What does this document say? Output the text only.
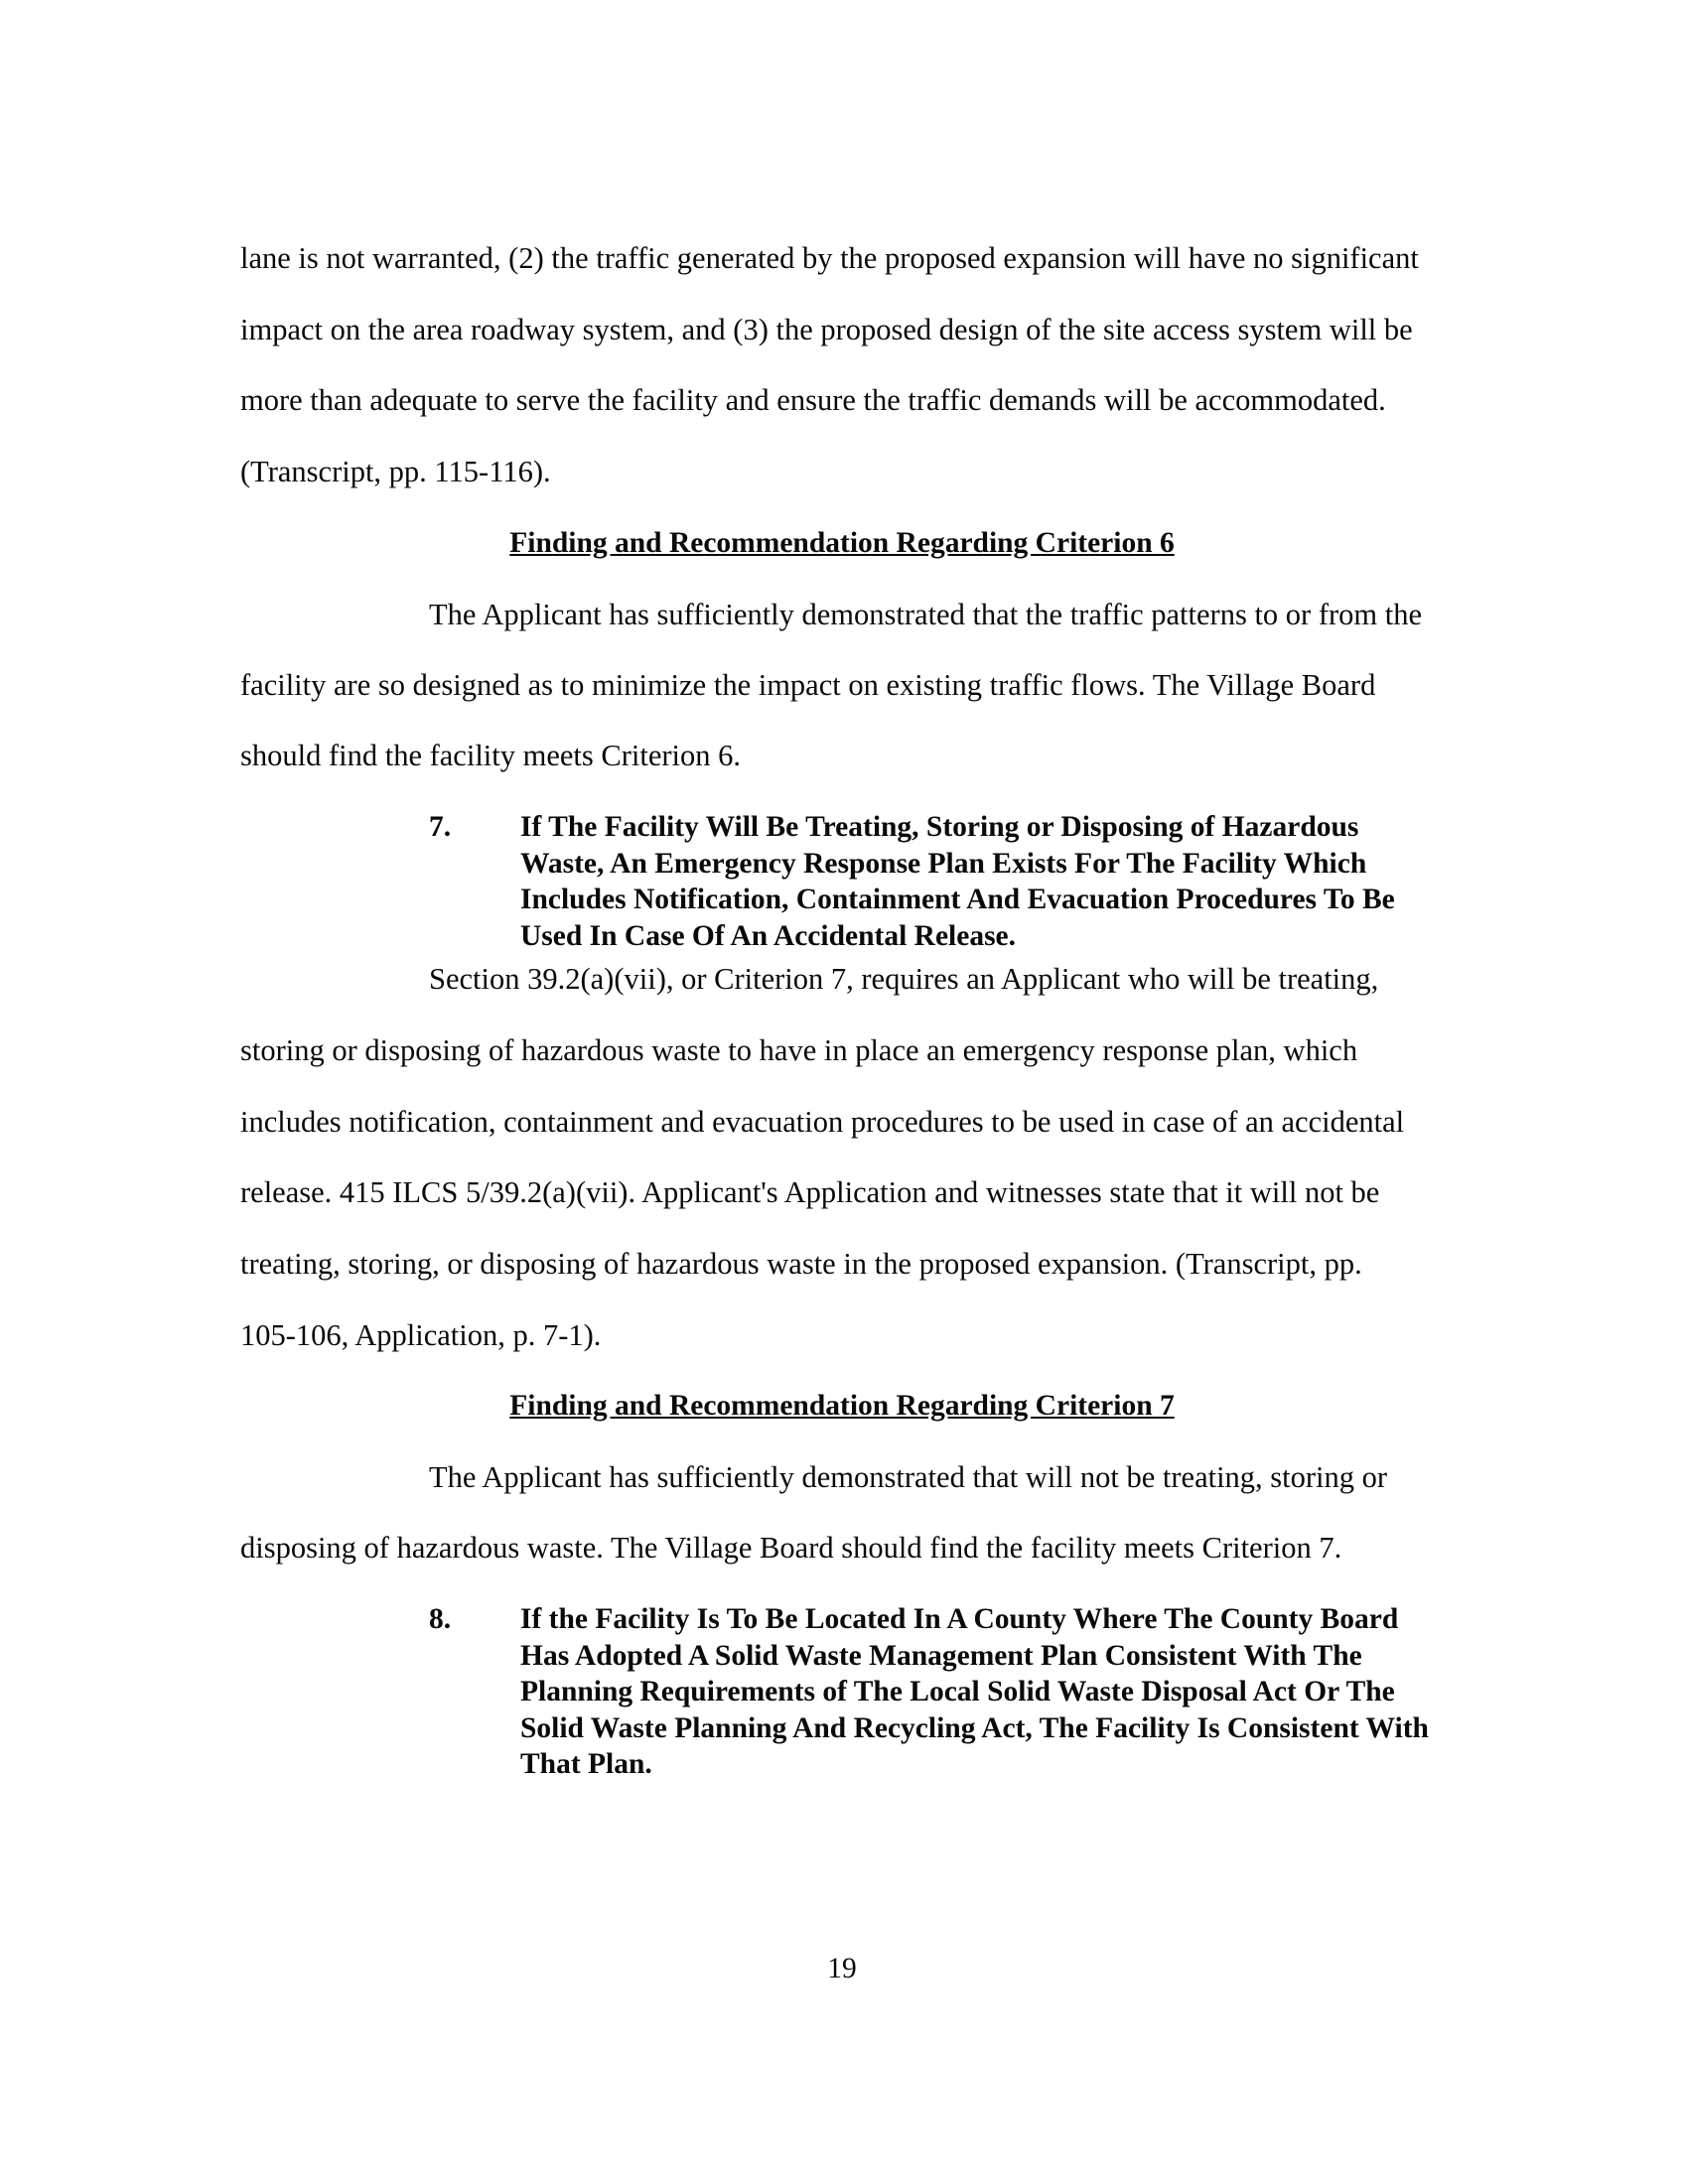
lane is not warranted, (2) the traffic generated by the proposed expansion will have no significant

impact on the area roadway system, and (3) the proposed design of the site access system will be

more than adequate to serve the facility and ensure the traffic demands will be accommodated.

(Transcript, pp. 115-116).

Finding and Recommendation Regarding Criterion 6

The Applicant has sufficiently demonstrated that the traffic patterns to or from the

facility are so designed as to minimize the impact on existing traffic flows. The Village Board

should find the facility meets Criterion 6.

7. If The Facility Will Be Treating, Storing or Disposing of Hazardous Waste, An Emergency Response Plan Exists For The Facility Which Includes Notification, Containment And Evacuation Procedures To Be Used In Case Of An Accidental Release.

Section 39.2(a)(vii), or Criterion 7, requires an Applicant who will be treating,

storing or disposing of hazardous waste to have in place an emergency response plan, which

includes notification, containment and evacuation procedures to be used in case of an accidental

release. 415 ILCS 5/39.2(a)(vii). Applicant's Application and witnesses state that it will not be

treating, storing, or disposing of hazardous waste in the proposed expansion. (Transcript, pp.

105-106, Application, p. 7-1).

Finding and Recommendation Regarding Criterion 7

The Applicant has sufficiently demonstrated that will not be treating, storing or

disposing of hazardous waste. The Village Board should find the facility meets Criterion 7.

8. If the Facility Is To Be Located In A County Where The County Board Has Adopted A Solid Waste Management Plan Consistent With The Planning Requirements of The Local Solid Waste Disposal Act Or The Solid Waste Planning And Recycling Act, The Facility Is Consistent With That Plan.

19
